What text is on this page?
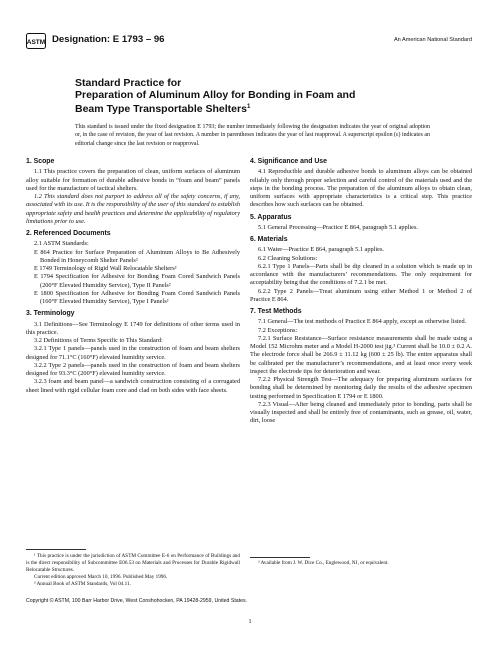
ASTM Designation: E 1793 – 96	An American National Standard
Standard Practice for
Preparation of Aluminum Alloy for Bonding in Foam and
Beam Type Transportable Shelters$^1$
This standard is issued under the fixed designation E 1793; the number immediately following the designation indicates the year of original adoption or, in the case of revision, the year of last revision. A number in parentheses indicates the year of last reapproval. A superscript epsilon (ε) indicates an editorial change since the last revision or reapproval.
1. Scope

1.1 This practice covers the preparation of clean, uniform surfaces of aluminum alloy suitable for formation of durable adhesive bonds in “foam and beam” panels used for the manufacture of tactical shelters.

1.2 This standard does not purport to address all of the safety concerns, if any, associated with its use. It is the responsibility of the user of this standard to establish appropriate safety and health practices and determine the applicability of regulatory limitations prior to use.

2. Referenced Documents

2.1 ASTM Standards:

E 864 Practice for Surface Preparation of Aluminum Alloys to Be Adhesively Bonded in Honeycomb Shelter Panels²

E 1749 Terminology of Rigid Wall Relocatable Shelters²

E 1794 Specification for Adhesive for Bonding Foam Cored Sandwich Panels (200°F Elevated Humidity Service), Type II Panels²

E 1800 Specification for Adhesive for Bonding Foam Cored Sandwich Panels (160°F Elevated Humidity Service), Type I Panels²

3. Terminology

3.1 Definitions—See Terminology E 1749 for definitions of other terms used in this practice.

3.2 Definitions of Terms Specific to This Standard:

3.2.1 Type 1 panels—panels used in the construction of foam and beam shelters designed for 71.1°C (160°F) elevated humidity service.

3.2.2 Type 2 panels—panels used in the construction of foam and beam shelters designed for 93.3°C (200°F) elevated humidity service.

3.2.3 foam and beam panel—a sandwich construction consisting of a corrugated sheet lined with rigid cellular foam core and clad on both sides with face sheets.

4. Significance and Use

4.1 Reproducible and durable adhesive bonds to aluminum alloys can be obtained reliably only through proper selection and careful control of the materials used and the steps in the bonding process. The preparation of the aluminum alloys to obtain clean, uniform surfaces with appropriate characteristics is a critical step. This practice describes how such surfaces can be obtained.

5. Apparatus

5.1 General Processing—Practice E 864, paragraph 5.1 applies.

6. Materials

6.1 Water—Practice E 864, paragraph 5.1 applies.

6.2 Cleaning Solutions:

6.2.1 Type 1 Panels—Parts shall be dip cleaned in a solution which is made up in accordance with the manufacturers’ recommendations. The only requirement for acceptability being that the conditions of 7.2.1 be met.

6.2.2 Type 2 Panels—Treat aluminum using either Method 1 or Method 2 of Practice E 864.

7. Test Methods

7.1 General—The test methods of Practice E 864 apply, except as otherwise listed.

7.2 Exceptions:

7.2.1 Surface Resistance—Surface resistance measurements shall be made using a Model 152 Microhm meter and a Model H-2000 test jig.³ Current shall be 10.0 ± 0.2 A. The electrode force shall be 266.9 ± 11.12 kg (600 ± 25 lb). The entire apparatus shall be calibrated per the manufacturer’s recommendations, and at least once every week inspect the electrode tips for deterioration and wear.

7.2.2 Physical Strength Test—The adequacy for preparing aluminum surfaces for bonding shall be determined by monitoring daily the results of the adhesive specimen testing performed in Specification E 1794 or E 1800.

7.2.3 Visual—After being cleaned and immediately prior to bonding, parts shall be visually inspected and shall be entirely free of contaminants, such as grease, oil, water, dirt, loose

¹ This practice is under the jurisdiction of ASTM Committee E-6 on Performance of Buildings and is the direct responsibility of Subcommittee E06.53 on Materials and Processes for Durable Rigidwall Relocatable Structures.

Current edition approved March 10, 1996. Published May 1996.

² Annual Book of ASTM Standards, Vol 04.11.

³ Available from J. W. Dice Co., Englewood, NJ, or equivalent.

Copyright © ASTM, 100 Barr Harbor Drive, West Conshohocken, PA 19428-2959, United States.
1
